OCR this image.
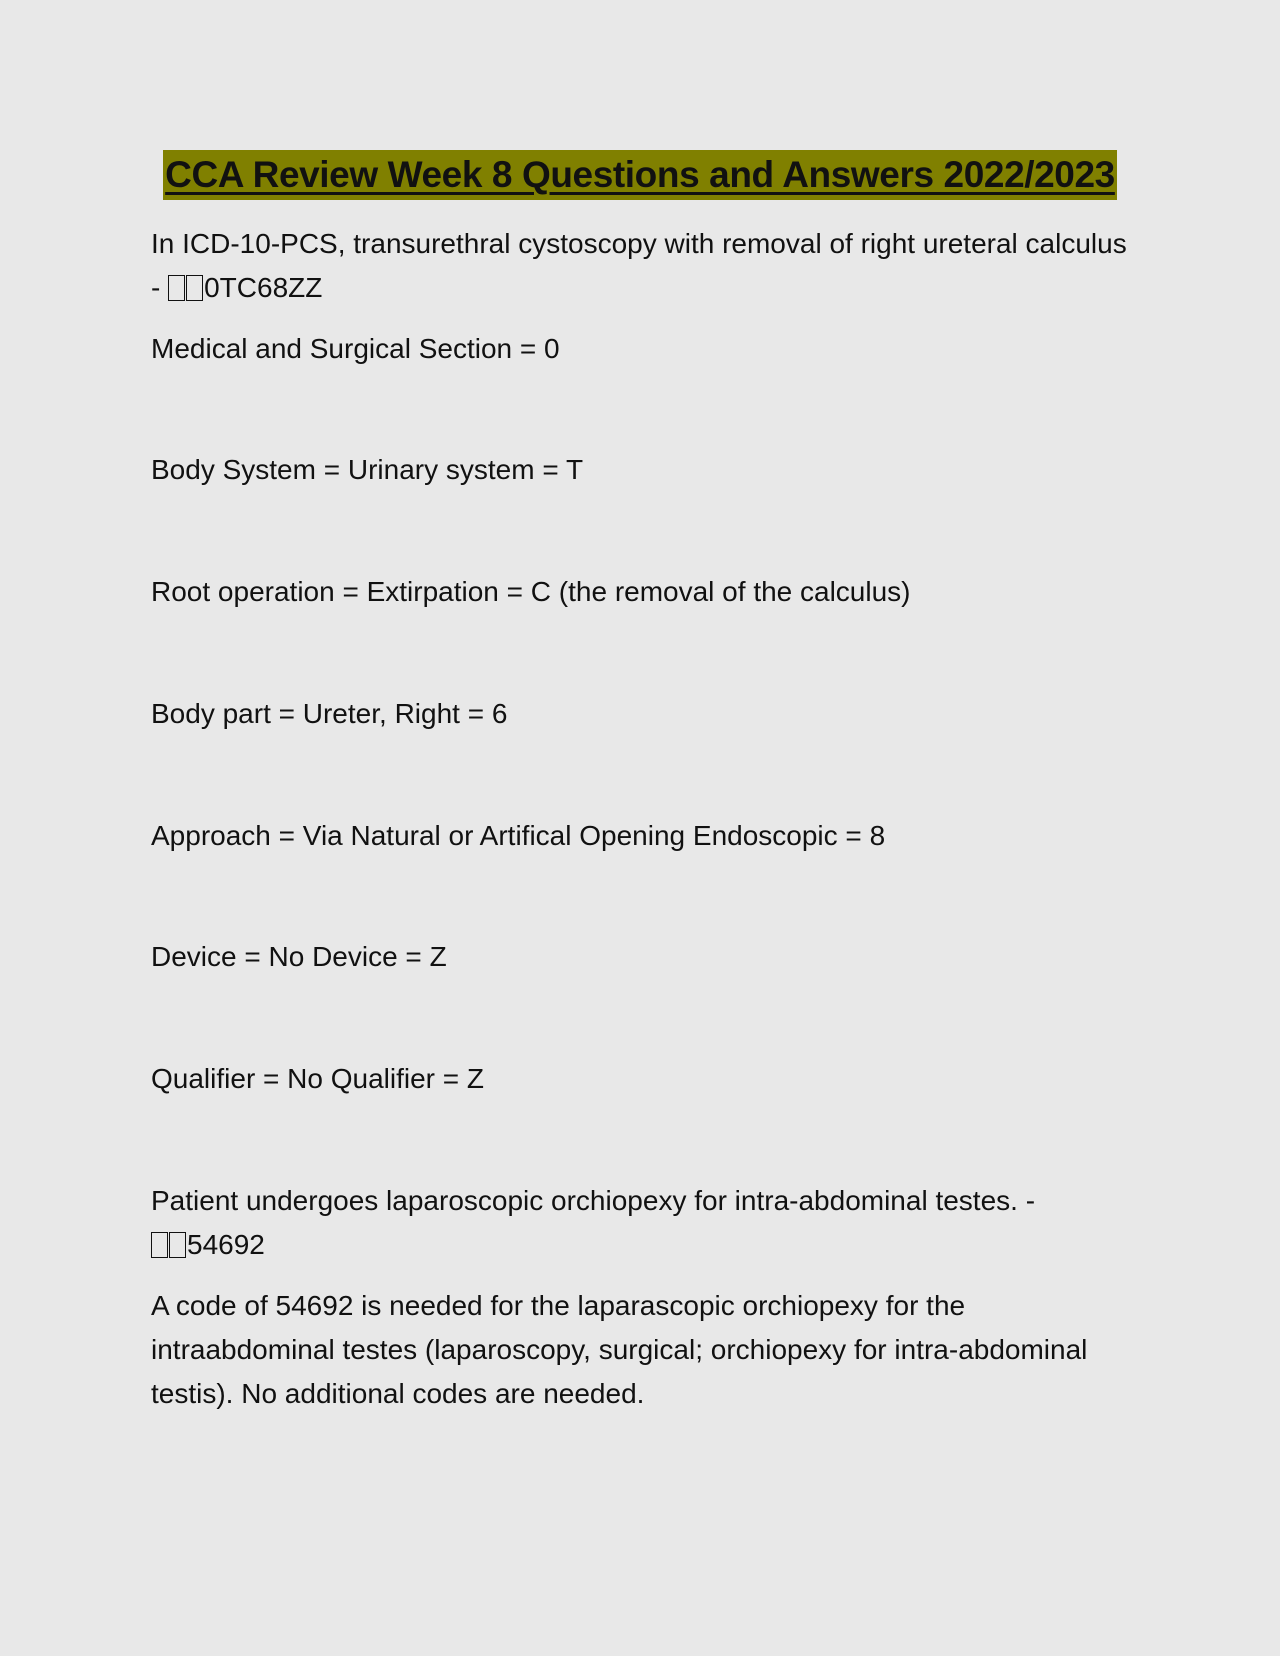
CCA Review Week 8 Questions and Answers 2022/2023

In ICD-10-PCS, transurethral cystoscopy with removal of right ureteral calculus - 0TC68ZZ

Medical and Surgical Section = 0

Body System = Urinary system = T

Root operation = Extirpation = C (the removal of the calculus)

Body part = Ureter, Right = 6

Approach = Via Natural or Artifical Opening Endoscopic = 8

Device = No Device = Z

Qualifier = No Qualifier = Z

Patient undergoes laparoscopic orchiopexy for intra-abdominal testes. -
54692

A code of 54692 is needed for the laparascopic orchiopexy for the intraabdominal testes (laparoscopy, surgical; orchiopexy for intra-abdominal testis). No additional codes are needed.
